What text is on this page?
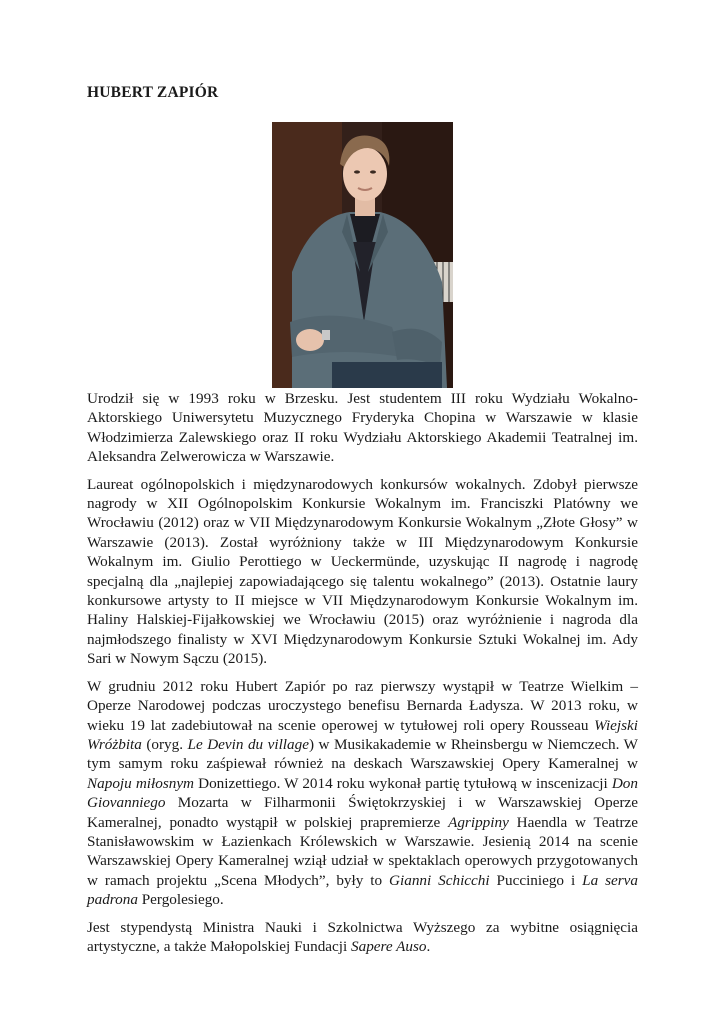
HUBERT ZAPIÓR

Urodził się w 1993 roku w Brzesku. Jest studentem III roku Wydziału Wokalno-Aktorskiego Uniwersytetu Muzycznego Fryderyka Chopina w Warszawie w klasie Włodzimierza Zalewskiego oraz II roku Wydziału Aktorskiego Akademii Teatralnej im. Aleksandra Zelwerowicza w Warszawie.

Laureat ogólnopolskich i międzynarodowych konkursów wokalnych. Zdobył pierwsze nagrody w XII Ogólnopolskim Konkursie Wokalnym im. Franciszki Platówny we Wrocławiu (2012) oraz w VII Międzynarodowym Konkursie Wokalnym „Złote Głosy” w Warszawie (2013). Został wyróżniony także w III Międzynarodowym Konkursie Wokalnym im. Giulio Perottiego w Ueckermünde, uzyskując II nagrodę i nagrodę specjalną dla „najlepiej zapowiadającego się talentu wokalnego” (2013). Ostatnie laury konkursowe artysty to II miejsce w VII Międzynarodowym Konkursie Wokalnym im. Haliny Halskiej-Fijałkowskiej we Wrocławiu (2015) oraz wyróżnienie i nagroda dla najmłodszego finalisty w XVI Międzynarodowym Konkursie Sztuki Wokalnej im. Ady Sari w Nowym Sączu (2015).

W grudniu 2012 roku Hubert Zapiór po raz pierwszy wystąpił w Teatrze Wielkim – Operze Narodowej podczas uroczystego benefisu Bernarda Ładysza. W 2013 roku, w wieku 19 lat zadebiutował na scenie operowej w tytułowej roli opery Rousseau Wiejski Wróżbita (oryg. Le Devin du village) w Musikakademie w Rheinsbergu w Niemczech. W tym samym roku zaśpiewał również na deskach Warszawskiej Opery Kameralnej w Napoju miłosnym Donizettiego. W 2014 roku wykonał partię tytułową w inscenizacji Don Giovanniego Mozarta w Filharmonii Świętokrzyskiej i w Warszawskiej Operze Kameralnej, ponadto wystąpił w polskiej prapremierze Agrippiny Haendla w Teatrze Stanisławowskim w Łazienkach Królewskich w Warszawie. Jesienią 2014 na scenie Warszawskiej Opery Kameralnej wziął udział w spektaklach operowych przygotowanych w ramach projektu „Scena Młodych”, były to Gianni Schicchi Pucciniego i La serva padrona Pergolesiego.

Jest stypendystą Ministra Nauki i Szkolnictwa Wyższego za wybitne osiągnięcia artystyczne, a także Małopolskiej Fundacji Sapere Auso.
